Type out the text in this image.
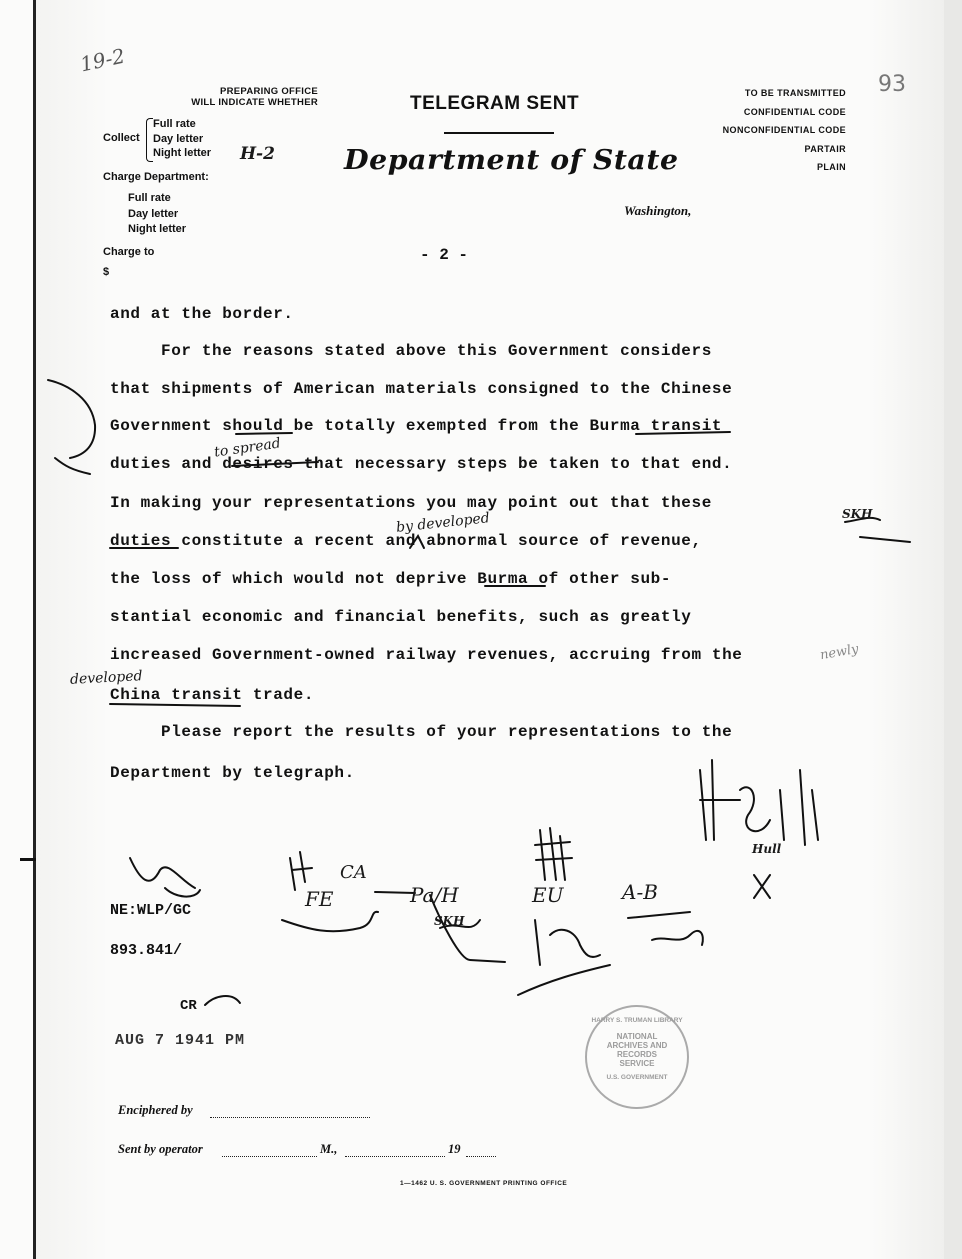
19-2
93
PREPARING OFFICE
WILL INDICATE WHETHER
Collect
Full rate
Day letter
Night letter H-2
Charge Department:
Full rate
Day letter
Night letter
Charge to
$
TELEGRAM SENT
Department of State
Washington,
TO BE TRANSMITTED
CONFIDENTIAL CODE
NONCONFIDENTIAL CODE
PARTAIR
PLAIN
- 2 -
and at the border.
For the reasons stated above this Government considers
that shipments of American materials consigned to the Chinese
Government should be totally exempted from the Burma transit
duties and desires that necessary steps be taken to that end.
In making your representations you may point out that these
duties constitute a recent and abnormal source of revenue,
the loss of which would not deprive Burma of other sub-
stantial economic and financial benefits, such as greatly
increased Government-owned railway revenues, accruing from the
China transit trade.
Please report the results of your representations to the
Department by telegraph.
to spread
by developed
developed
newly
SKH
Hull
FE
CA
Pa/H	EU	A-B
SKH
NE:WLP/GC
893.841/
CR
AUG 7 1941 PM
HARRY S. TRUMAN LIBRARY
NATIONAL
ARCHIVES AND
RECORDS
SERVICE
U.S. GOVERNMENT
Enciphered by
Sent by operator	M.,	19
1—1462 U. S. GOVERNMENT PRINTING OFFICE
